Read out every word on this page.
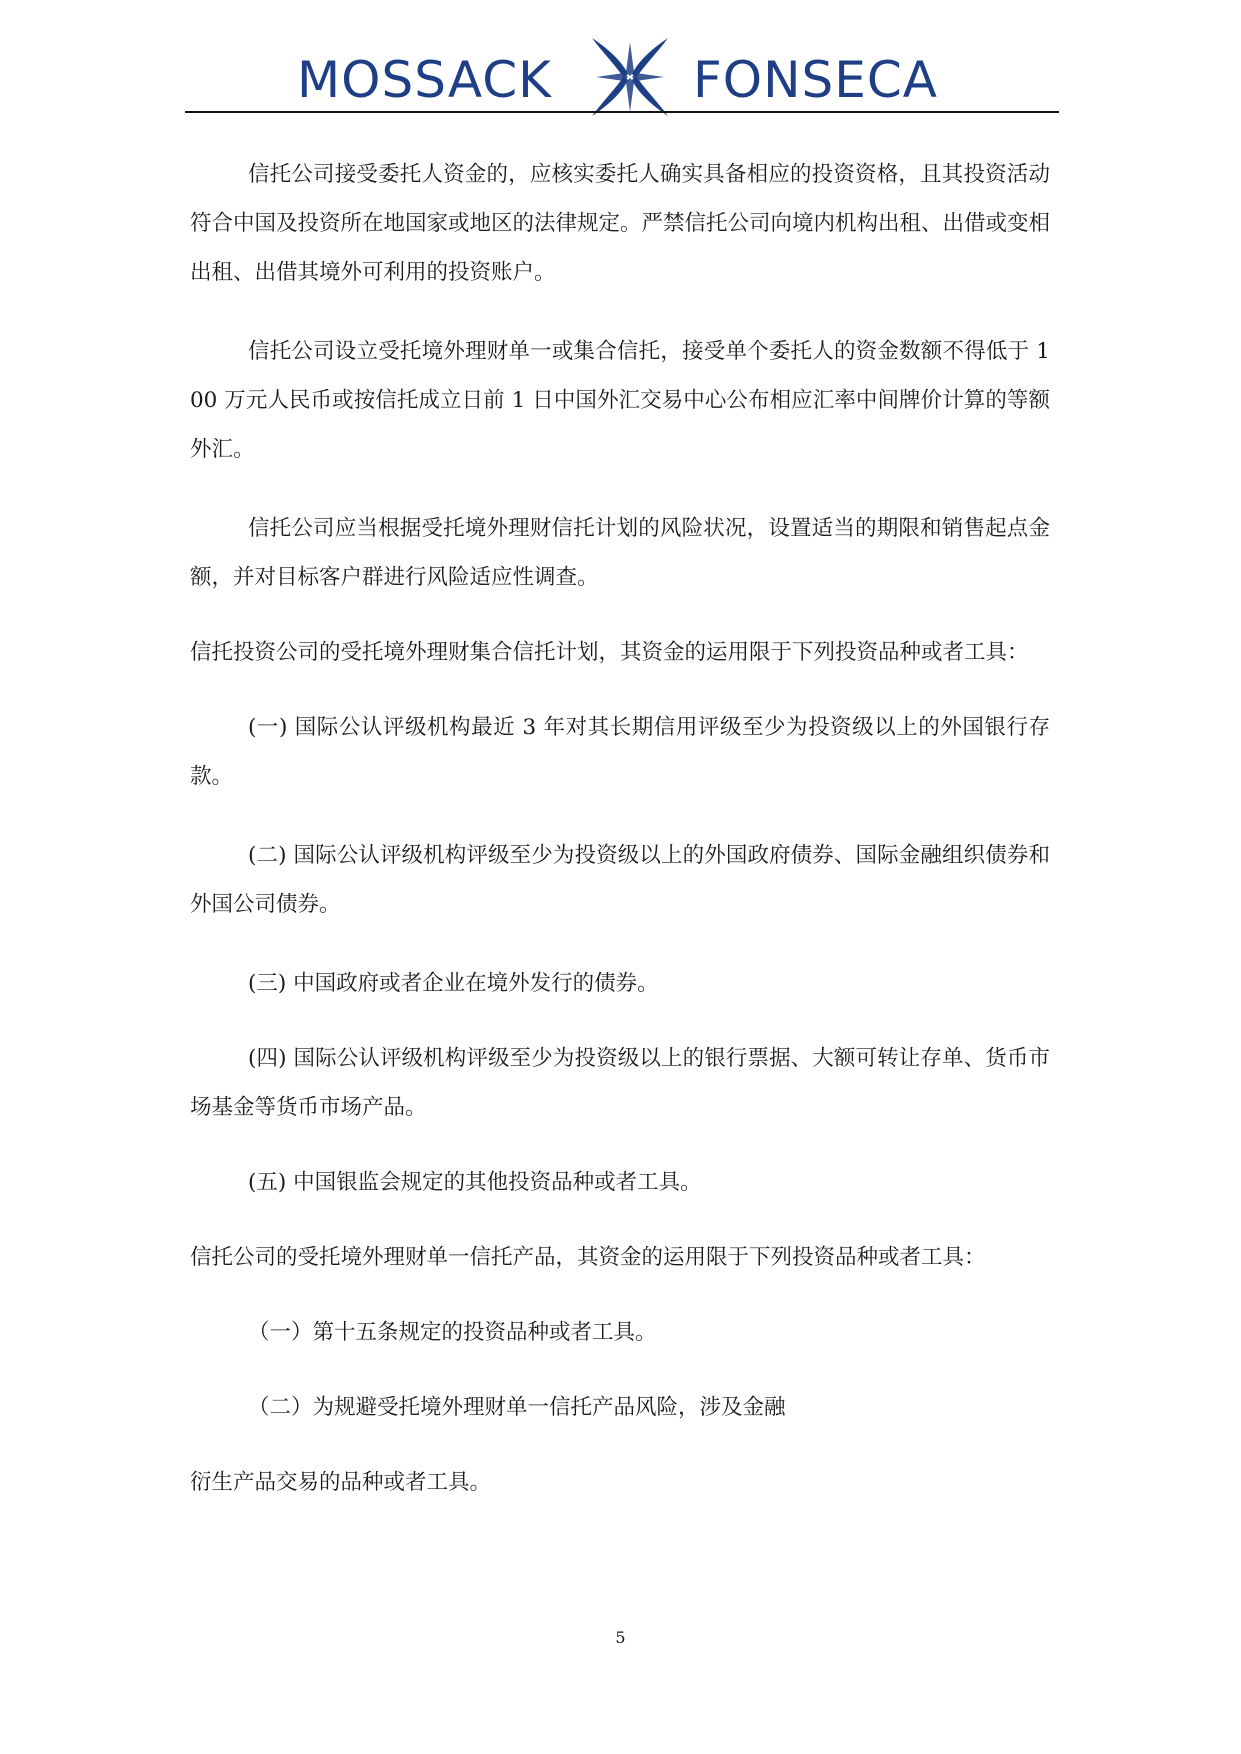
MOSSACK	FONSECA

信托公司接受委托人资金的，应核实委托人确实具备相应的投资资格，且其投资活动符合中国及投资所在地国家或地区的法律规定。严禁信托公司向境内机构出租、出借或变相出租、出借其境外可利用的投资账户。

信托公司设立受托境外理财单一或集合信托，接受单个委托人的资金数额不得低于 100 万元人民币或按信托成立日前 1 日中国外汇交易中心公布相应汇率中间牌价计算的等额外汇。

信托公司应当根据受托境外理财信托计划的风险状况，设置适当的期限和销售起点金额，并对目标客户群进行风险适应性调查。

信托投资公司的受托境外理财集合信托计划，其资金的运用限于下列投资品种或者工具：

(一) 国际公认评级机构最近 3 年对其长期信用评级至少为投资级以上的外国银行存款。

(二) 国际公认评级机构评级至少为投资级以上的外国政府债券、国际金融组织债券和外国公司债券。

(三) 中国政府或者企业在境外发行的债券。

(四) 国际公认评级机构评级至少为投资级以上的银行票据、大额可转让存单、货币市场基金等货币市场产品。

(五) 中国银监会规定的其他投资品种或者工具。

信托公司的受托境外理财单一信托产品，其资金的运用限于下列投资品种或者工具：

（一）第十五条规定的投资品种或者工具。

（二）为规避受托境外理财单一信托产品风险，涉及金融

衍生产品交易的品种或者工具。

5
